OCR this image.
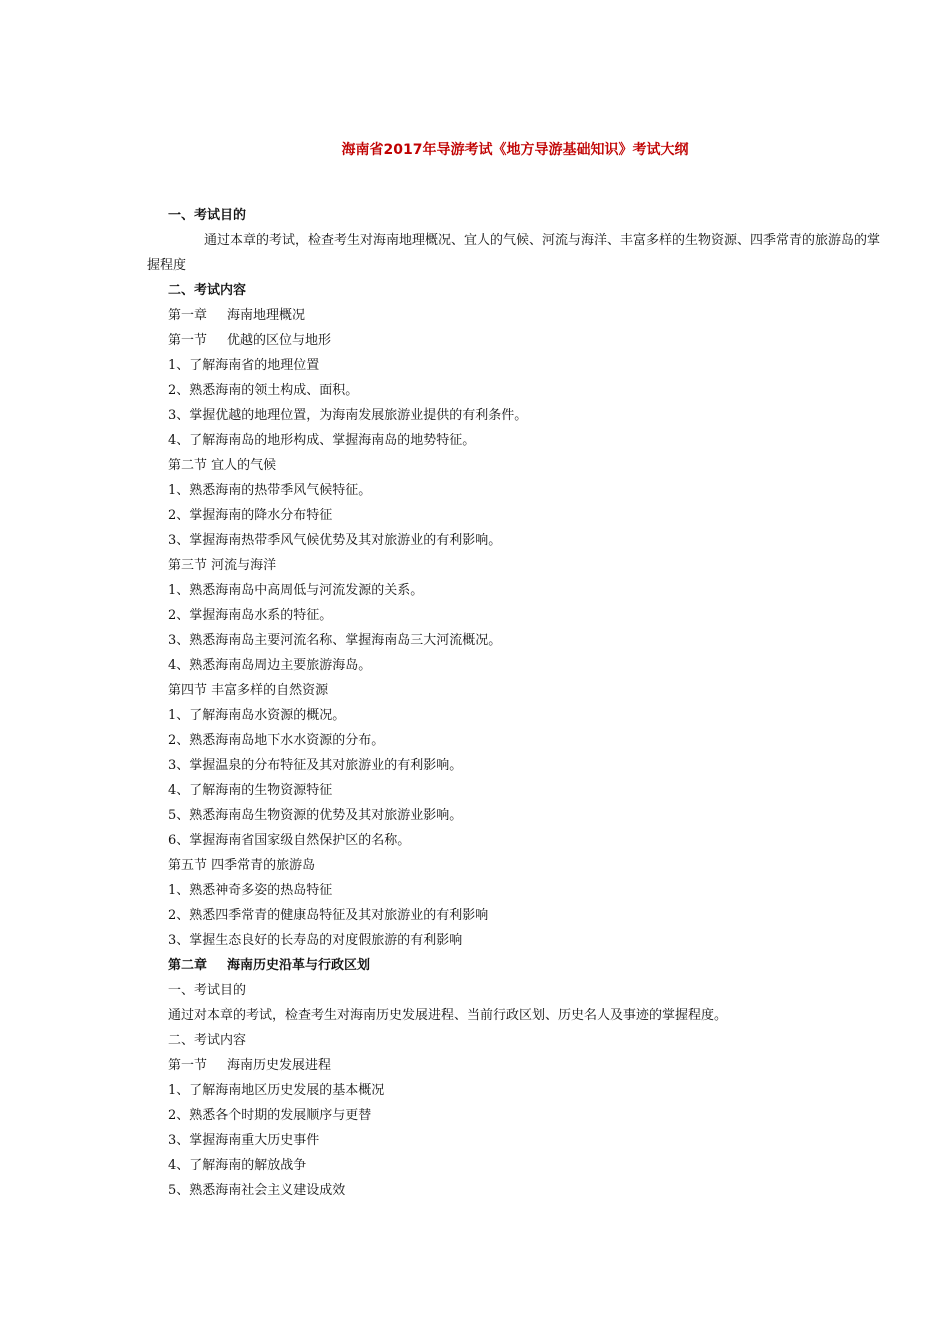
海南省2017年导游考试《地方导游基础知识》考试大纲
一、考试目的
通过本章的考试，检查考生对海南地理概况、宜人的气候、河流与海洋、丰富多样的生物资源、四季常青的旅游岛的掌握程度
二、考试内容
第一章 海南地理概况
第一节 优越的区位与地形
1、了解海南省的地理位置
2、熟悉海南的领土构成、面积。
3、掌握优越的地理位置，为海南发展旅游业提供的有利条件。
4、了解海南岛的地形构成、掌握海南岛的地势特征。
第二节 宜人的气候
1、熟悉海南的热带季风气候特征。
2、掌握海南的降水分布特征
3、掌握海南热带季风气候优势及其对旅游业的有利影响。
第三节 河流与海洋
1、熟悉海南岛中高周低与河流发源的关系。
2、掌握海南岛水系的特征。
3、熟悉海南岛主要河流名称、掌握海南岛三大河流概况。
4、熟悉海南岛周边主要旅游海岛。
第四节 丰富多样的自然资源
1、了解海南岛水资源的概况。
2、熟悉海南岛地下水水资源的分布。
3、掌握温泉的分布特征及其对旅游业的有利影响。
4、了解海南的生物资源特征
5、熟悉海南岛生物资源的优势及其对旅游业影响。
6、掌握海南省国家级自然保护区的名称。
第五节 四季常青的旅游岛
1、熟悉神奇多姿的热岛特征
2、熟悉四季常青的健康岛特征及其对旅游业的有利影响
3、掌握生态良好的长寿岛的对度假旅游的有利影响
第二章 海南历史沿革与行政区划
一、考试目的
通过对本章的考试，检查考生对海南历史发展进程、当前行政区划、历史名人及事迹的掌握程度。
二、考试内容
第一节 海南历史发展进程
1、了解海南地区历史发展的基本概况
2、熟悉各个时期的发展顺序与更替
3、掌握海南重大历史事件
4、了解海南的解放战争
5、熟悉海南社会主义建设成效
